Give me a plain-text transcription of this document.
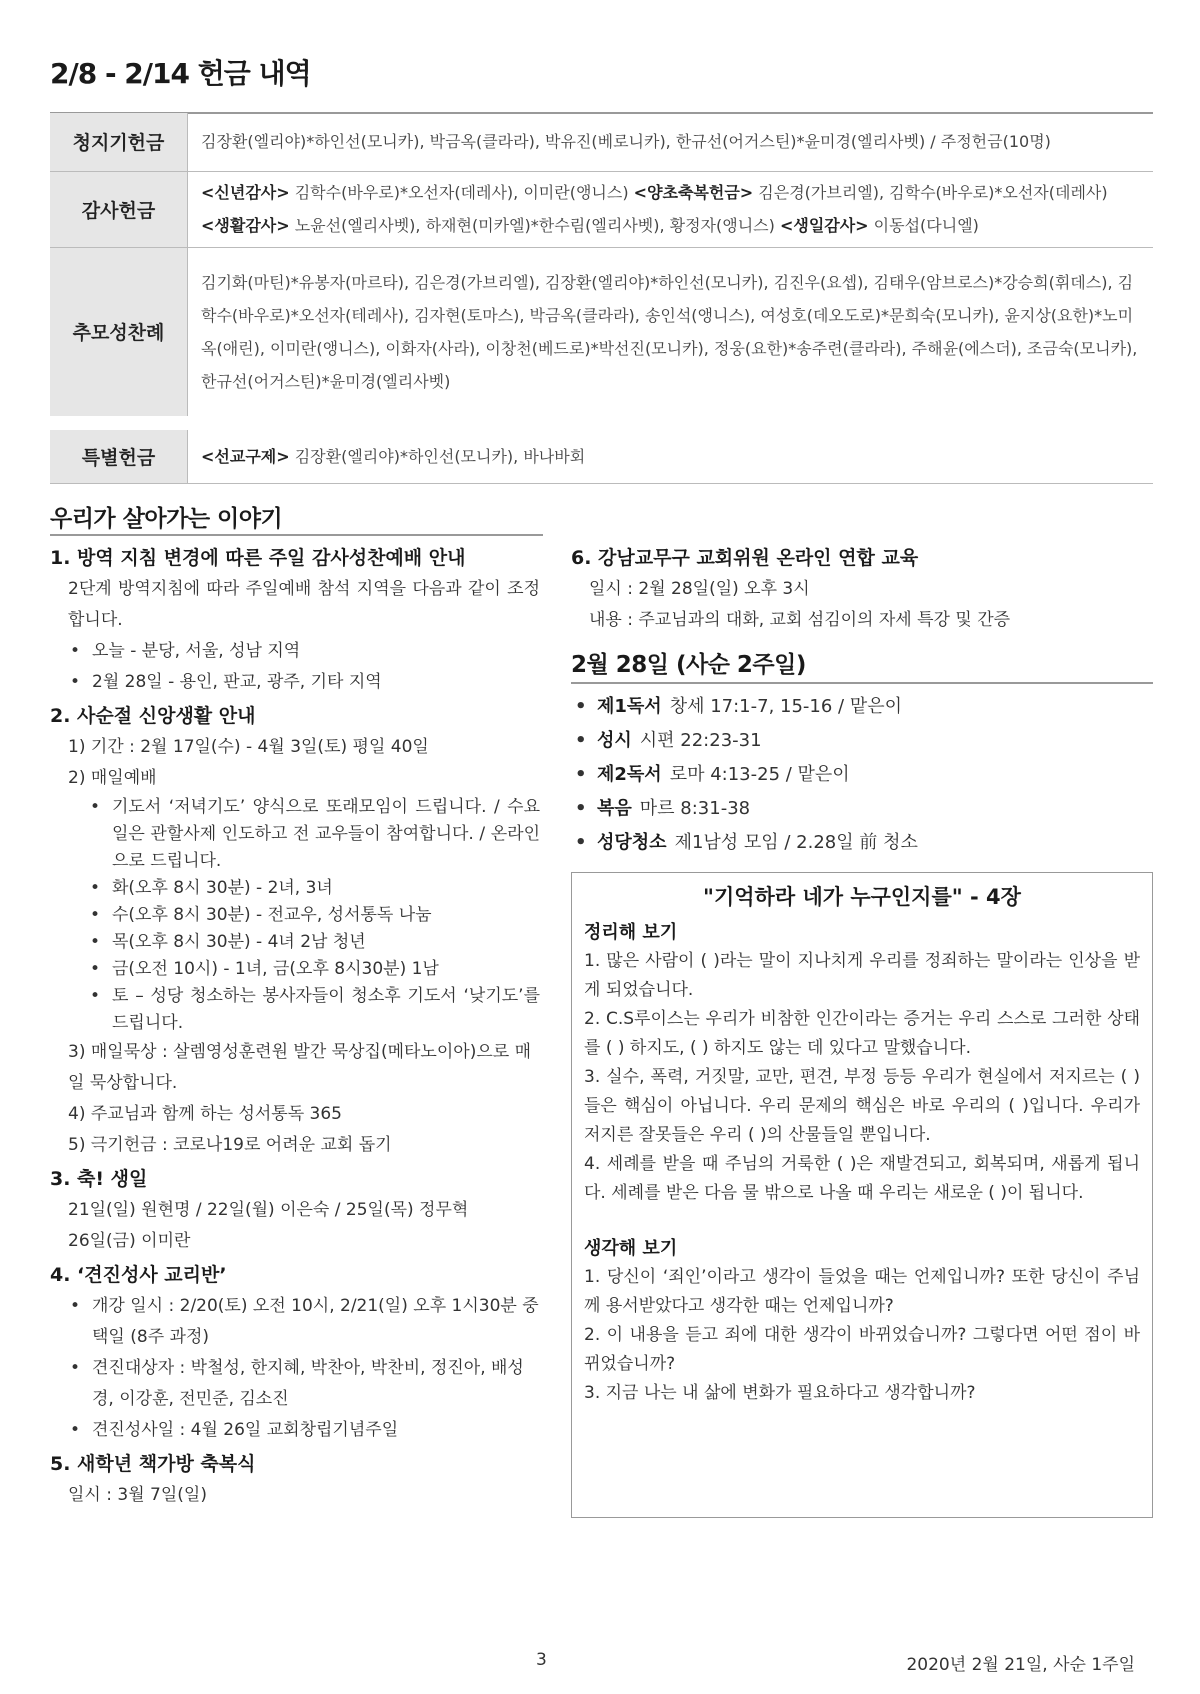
2/8 - 2/14 헌금 내역
청지기헌금	김장환(엘리야)*하인선(모니카), 박금옥(클라라), 박유진(베로니카), 한규선(어거스틴)*윤미경(엘리사벳) / 주정헌금(10명)
감사헌금	<신년감사> 김학수(바우로)*오선자(데레사), 이미란(앵니스) <양초축복헌금> 김은경(가브리엘), 김학수(바우로)*오선자(데레사)
<생활감사> 노윤선(엘리사벳), 하재현(미카엘)*한수림(엘리사벳), 황정자(앵니스) <생일감사> 이동섭(다니엘)

추모성찬례	김기화(마틴)*유봉자(마르타), 김은경(가브리엘), 김장환(엘리야)*하인선(모니카), 김진우(요셉), 김태우(암브로스)*강승희(휘데스), 김학수(바우로)*오선자(테레사), 김자현(토마스), 박금옥(클라라), 송인석(앵니스), 여성호(데오도로)*문희숙(모니카), 윤지상(요한)*노미옥(애린), 이미란(앵니스), 이화자(사라), 이창천(베드로)*박선진(모니카), 정웅(요한)*송주련(클라라), 주해윤(에스더), 조금숙(모니카), 한규선(어거스틴)*윤미경(엘리사벳)
특별헌금	<선교구제> 김장환(엘리야)*하인선(모니카), 바나바회
우리가 살아가는 이야기
1. 방역 지침 변경에 따른 주일 감사성찬예배 안내
2단계 방역지침에 따라 주일예배 참석 지역을 다음과 같이 조정합니다.
• 오늘 - 분당, 서울, 성남 지역
• 2월 28일 - 용인, 판교, 광주, 기타 지역
2. 사순절 신앙생활 안내
1) 기간 : 2월 17일(수) - 4월 3일(토) 평일 40일
2) 매일예배
• 기도서 ‘저녁기도’ 양식으로 또래모임이 드립니다. / 수요일은 관할사제 인도하고 전 교우들이 참여합니다. / 온라인으로 드립니다.
• 화(오후 8시 30분) - 2녀, 3녀
• 수(오후 8시 30분) - 전교우, 성서통독 나눔
• 목(오후 8시 30분) - 4녀 2남 청년
• 금(오전 10시) - 1녀, 금(오후 8시30분) 1남
• 토 – 성당 청소하는 봉사자들이 청소후 기도서 ‘낮기도’를 드립니다.
3) 매일묵상 : 살렘영성훈련원 발간 묵상집(메타노이아)으로 매일 묵상합니다.
4) 주교님과 함께 하는 성서통독 365
5) 극기헌금 : 코로나19로 어려운 교회 돕기
3. 축! 생일
21일(일) 원현명 / 22일(월) 이은숙 / 25일(목) 정무혁
26일(금) 이미란
4. ‘견진성사 교리반’
• 개강 일시 : 2/20(토) 오전 10시, 2/21(일) 오후 1시30분 중 택일 (8주 과정)
• 견진대상자 : 박철성, 한지혜, 박찬아, 박찬비, 정진아, 배성경, 이강훈, 전민준, 김소진
• 견진성사일 : 4월 26일 교회창립기념주일
5. 새학년 책가방 축복식
일시 : 3월 7일(일)
6. 강남교무구 교회위원 온라인 연합 교육
일시 : 2월 28일(일) 오후 3시
내용 : 주교님과의 대화, 교회 섬김이의 자세 특강 및 간증
2월 28일 (사순 2주일)
• 제1독서 창세 17:1-7, 15-16 / 맡은이
• 성시 시편 22:23-31
• 제2독서 로마 4:13-25 / 맡은이
• 복음 마르 8:31-38
• 성당청소 제1남성 모임 / 2.28일 前 청소
"기억하라 네가 누구인지를" - 4장
정리해 보기
1. 많은 사람이 ( )라는 말이 지나치게 우리를 정죄하는 말이라는 인상을 받게 되었습니다.
2. C.S루이스는 우리가 비참한 인간이라는 증거는 우리 스스로 그러한 상태를 ( ) 하지도, ( ) 하지도 않는 데 있다고 말했습니다.
3. 실수, 폭력, 거짓말, 교만, 편견, 부정 등등 우리가 현실에서 저지르는 ( )들은 핵심이 아닙니다. 우리 문제의 핵심은 바로 우리의 ( )입니다. 우리가 저지른 잘못들은 우리 ( )의 산물들일 뿐입니다.
4. 세례를 받을 때 주님의 거룩한 ( )은 재발견되고, 회복되며, 새롭게 됩니다. 세례를 받은 다음 물 밖으로 나올 때 우리는 새로운 ( )이 됩니다.
생각해 보기
1. 당신이 ‘죄인’이라고 생각이 들었을 때는 언제입니까? 또한 당신이 주님께 용서받았다고 생각한 때는 언제입니까?
2. 이 내용을 듣고 죄에 대한 생각이 바뀌었습니까? 그렇다면 어떤 점이 바뀌었습니까?
3. 지금 나는 내 삶에 변화가 필요하다고 생각합니까?
3	2020년 2월 21일, 사순 1주일
